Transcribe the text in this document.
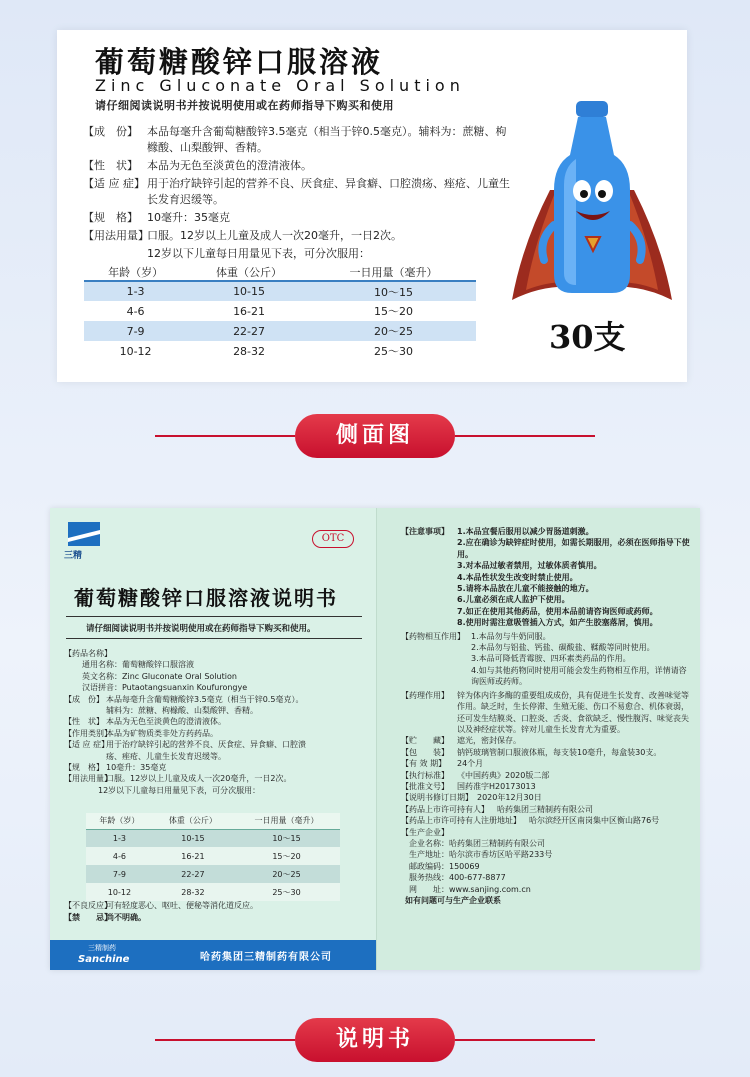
葡萄糖酸锌口服溶液
Zinc Gluconate Oral Solution
请仔细阅读说明书并按说明使用或在药师指导下购买和使用
【成　份】 本品每毫升含葡萄糖酸锌3.5毫克（相当于锌0.5毫克）。辅料为：蔗糖、枸橼酸、山梨酸钾、香精。
【性　状】 本品为无色至淡黄色的澄清液体。
【适 应 症】 用于治疗缺锌引起的营养不良、厌食症、异食癖、口腔溃疡、痤疮、儿童生长发育迟缓等。
【规　格】 10毫升：35毫克
【用法用量】
口服。12岁以上儿童及成人一次20毫升，一日2次。
12岁以下儿童每日用量见下表，可分次服用：
年龄（岁）	体重（公斤）	一日用量（毫升）
1-3	10-15	10～15
4-6	16-21	15～20
7-9	22-27	20～25
10-12	28-32	25～30	30支
侧面图
三精
OTC
葡萄糖酸锌口服溶液说明书
请仔细阅读说明书并按说明使用或在药师指导下购买和使用。
【药品名称】
通用名称：葡萄糖酸锌口服溶液
英文名称：Zinc Gluconate Oral Solution
汉语拼音：Putaotangsuanxin Koufurongye
【成　份】 本品每毫升含葡萄糖酸锌3.5毫克（相当于锌0.5毫克）。
　　　辅料为：蔗糖、枸橼酸、山梨酸钾、香精。
【性　状】 本品为无色至淡黄色的澄清液体。
【作用类别】
本品为矿物质类非处方药药品。
【适 应 症】
用于治疗缺锌引起的营养不良、厌食症、异食癖、口腔溃
　　　疡、痤疮、儿童生长发育迟缓等。
【规　格】 10毫升：35毫克
【用法用量】
口服。12岁以上儿童及成人一次20毫升，一日2次。
　　12岁以下儿童每日用量见下表，可分次服用：
年龄（岁）	体重（公斤）	一日用量（毫升）
1-3	10-15	10～15
4-6	16-21	15～20
7-9	22-27	20～25
10-12	28-32	25～30
【不良反应】
可有轻度恶心、呕吐、便秘等消化道反应。
【禁　　忌】
尚不明确。
三精制药
Sanchine	哈药集团三精制药有限公司
【注意事项】	1.本品宜餐后服用以减少胃肠道刺激。
2.应在确诊为缺锌症时使用，如需长期服用，必须在医师指导下使用。
3.对本品过敏者禁用，过敏体质者慎用。
4.本品性状发生改变时禁止使用。
5.请将本品放在儿童不能接触的地方。
6.儿童必须在成人监护下使用。
7.如正在使用其他药品，使用本品前请咨询医师或药师。
8.使用时需注意吸管插入方式，如产生胶塞落屑，慎用。
【药物相互作用】 1.本品勿与牛奶同服。
2.本品勿与铝盐、钙盐、碳酸盐、鞣酸等同时使用。
3.本品可降低青霉胺、四环素类药品的作用。
4.如与其他药物同时使用可能会发生药物相互作用，详情请咨询医师或药师。
【药理作用】	锌为体内许多酶的重要组成成份，具有促进生长发育、改善味觉等作用。缺乏时，生长停滞、生殖无能、伤口不易愈合、机体衰弱，还可发生结膜炎、口腔炎、舌炎、食欲缺乏、慢性腹泻、味觉丧失以及神经症状等。锌对儿童生长发育尤为重要。
【贮　　藏】	遮光，密封保存。
【包　　装】	钠钙玻璃管制口服液体瓶，每支装10毫升，每盒装30支。
【有 效 期】	24个月
【执行标准】	《中国药典》2020版二部
【批准文号】	国药准字H20173013
【说明书修订日期】 2020年12月30日
【药品上市许可持有人】	哈药集团三精制药有限公司
【药品上市许可持有人注册地址】	哈尔滨经开区南岗集中区衡山路76号
【生产企业】
企业名称：哈药集团三精制药有限公司
生产地址：哈尔滨市香坊区哈平路233号
邮政编码：150069
服务热线：400-677-8877
网　　址：www.sanjing.com.cn
如有问题可与生产企业联系
说明书
